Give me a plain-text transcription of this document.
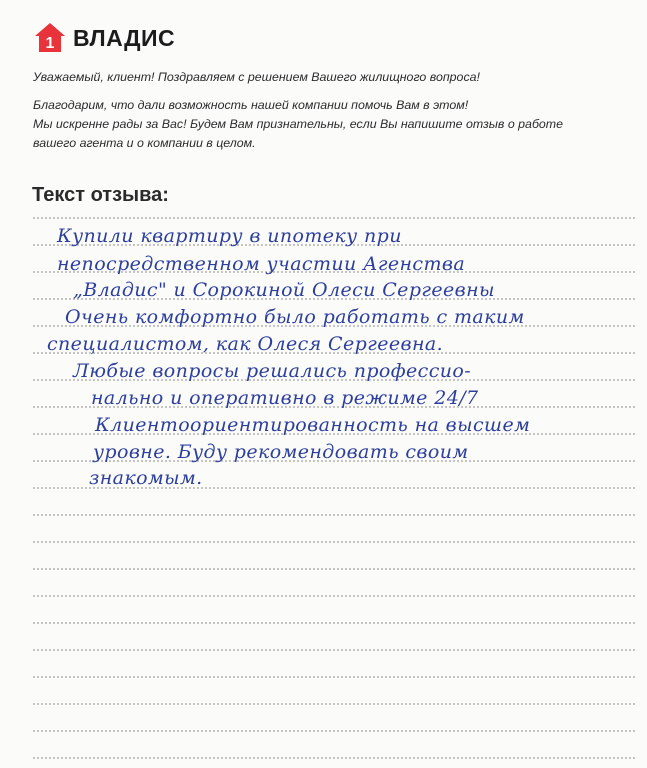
1 ВЛАДИС

Уважаемый, клиент! Поздравляем с решением Вашего жилищного вопроса!

Благодарим, что дали возможность нашей компании помочь Вам в этом!

Мы искренне рады за Вас! Будем Вам признательны, если Вы напишите отзыв о работе

вашего агента и о компании в целом.

Текст отзыва:
Купили квартиру в ипотеку при
непосредственном участии Агенства
„Владис" и Сорокиной Олеси Сергеевны
Очень комфортно было работать с таким
специалистом, как Олеся Сергеевна.
Любые вопросы решались профессио-
нально и оперативно в режиме 24/7
Клиентоориентированность на высшем
уровне. Буду рекомендовать своим
знакомым.
